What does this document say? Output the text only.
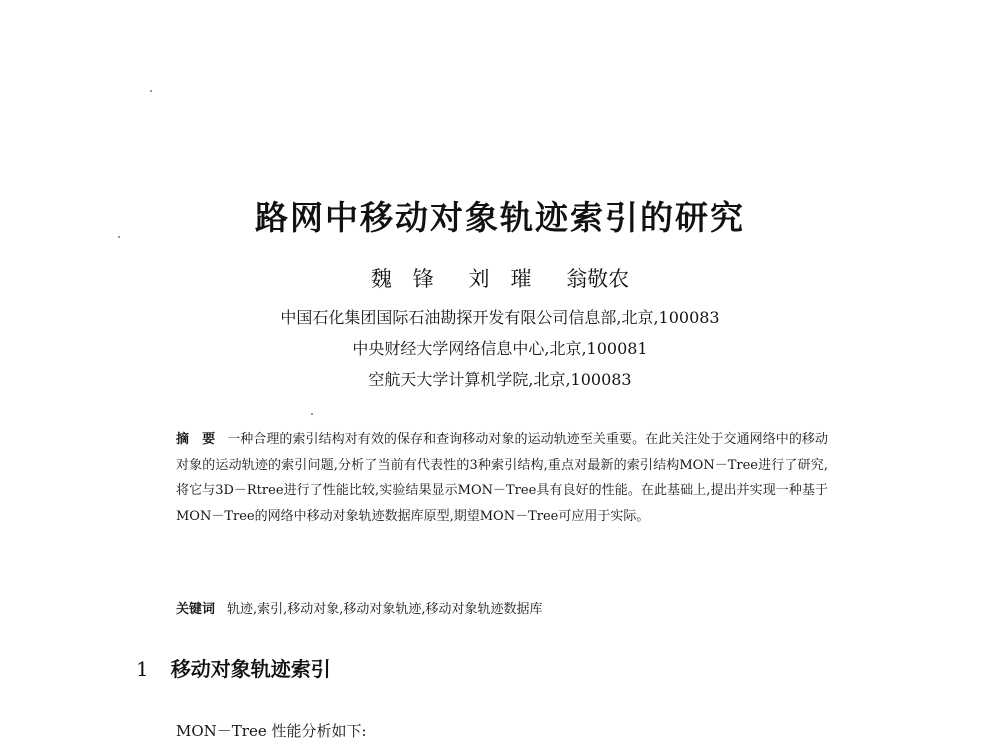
路网中移动对象轨迹索引的研究
魏　锋 刘　璀 翁敬农
中国石化集团国际石油勘探开发有限公司信息部,北京,100083
中央财经大学网络信息中心,北京,100081
空航天大学计算机学院,北京,100083
摘　要 一种合理的索引结构对有效的保存和查询移动对象的运动轨迹至关重要。在此关注处于交通网络中的移动对象的运动轨迹的索引问题,分析了当前有代表性的3种索引结构,重点对最新的索引结构MON－Tree进行了研究,将它与3D－Rtree进行了性能比较,实验结果显示MON－Tree具有良好的性能。在此基础上,提出并实现一种基于MON－Tree的网络中移动对象轨迹数据库原型,期望MON－Tree可应用于实际。
关键词 轨迹,索引,移动对象,移动对象轨迹,移动对象轨迹数据库
1 移动对象轨迹索引
MON－Tree 性能分析如下:
